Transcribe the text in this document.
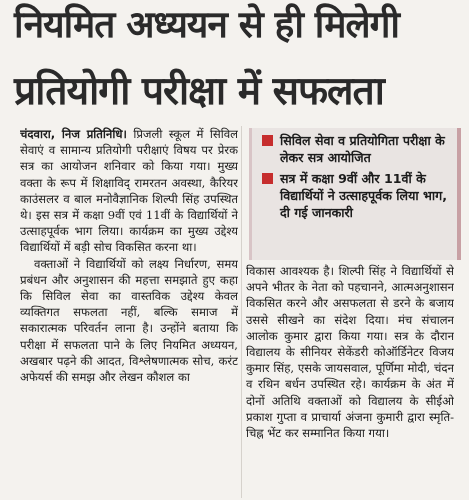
नियमित अध्ययन से ही मिलेगी
प्रतियोगी परीक्षा में सफलता

चंदवारा, निज प्रतिनिधि। प्रिजली स्कूल में सिविल सेवाएं व सामान्य प्रतियोगी परीक्षाएं विषय पर प्रेरक सत्र का आयोजन शनिवार को किया गया। मुख्य वक्ता के रूप में शिक्षाविद् रामरतन अवस्था, कैरियर काउंसलर व बाल मनोवैज्ञानिक शिल्पी सिंह उपस्थित थे। इस सत्र में कक्षा 9वीं एवं 11वीं के विद्यार्थियों ने उत्साहपूर्वक भाग लिया। कार्यक्रम का मुख्य उद्देश्य विद्यार्थियों में बड़ी सोच विकसित करना था।

वक्ताओं ने विद्यार्थियों को लक्ष्य निर्धारण, समय प्रबंधन और अनुशासन की महत्ता समझाते हुए कहा कि सिविल सेवा का वास्तविक उद्देश्य केवल व्यक्तिगत सफलता नहीं, बल्कि समाज में सकारात्मक परिवर्तन लाना है। उन्होंने बताया कि परीक्षा में सफलता पाने के लिए नियमित अध्ययन, अखबार पढ़ने की आदत, विश्लेषणात्मक सोच, करंट अफेयर्स की समझ और लेखन कौशल का

सिविल सेवा व प्रतियोगिता परीक्षा के लेकर सत्र आयोजित
सत्र में कक्षा 9वीं और 11वीं के विद्यार्थियों ने उत्साहपूर्वक लिया भाग, दी गई जानकारी

विकास आवश्यक है। शिल्पी सिंह ने विद्यार्थियों से अपने भीतर के नेता को पहचानने, आत्मअनुशासन विकसित करने और असफलता से डरने के बजाय उससे सीखने का संदेश दिया। मंच संचालन आलोक कुमार द्वारा किया गया। सत्र के दौरान विद्यालय के सीनियर सेकेंडरी कोऑर्डिनेटर विजय कुमार सिंह, एसके जायसवाल, पूर्णिमा मोदी, चंदन व रथिन बर्धन उपस्थित रहे। कार्यक्रम के अंत में दोनों अतिथि वक्ताओं को विद्यालय के सीईओ प्रकाश गुप्ता व प्राचार्या अंजना कुमारी द्वारा स्मृति-चिह्न भेंट कर सम्मानित किया गया।
